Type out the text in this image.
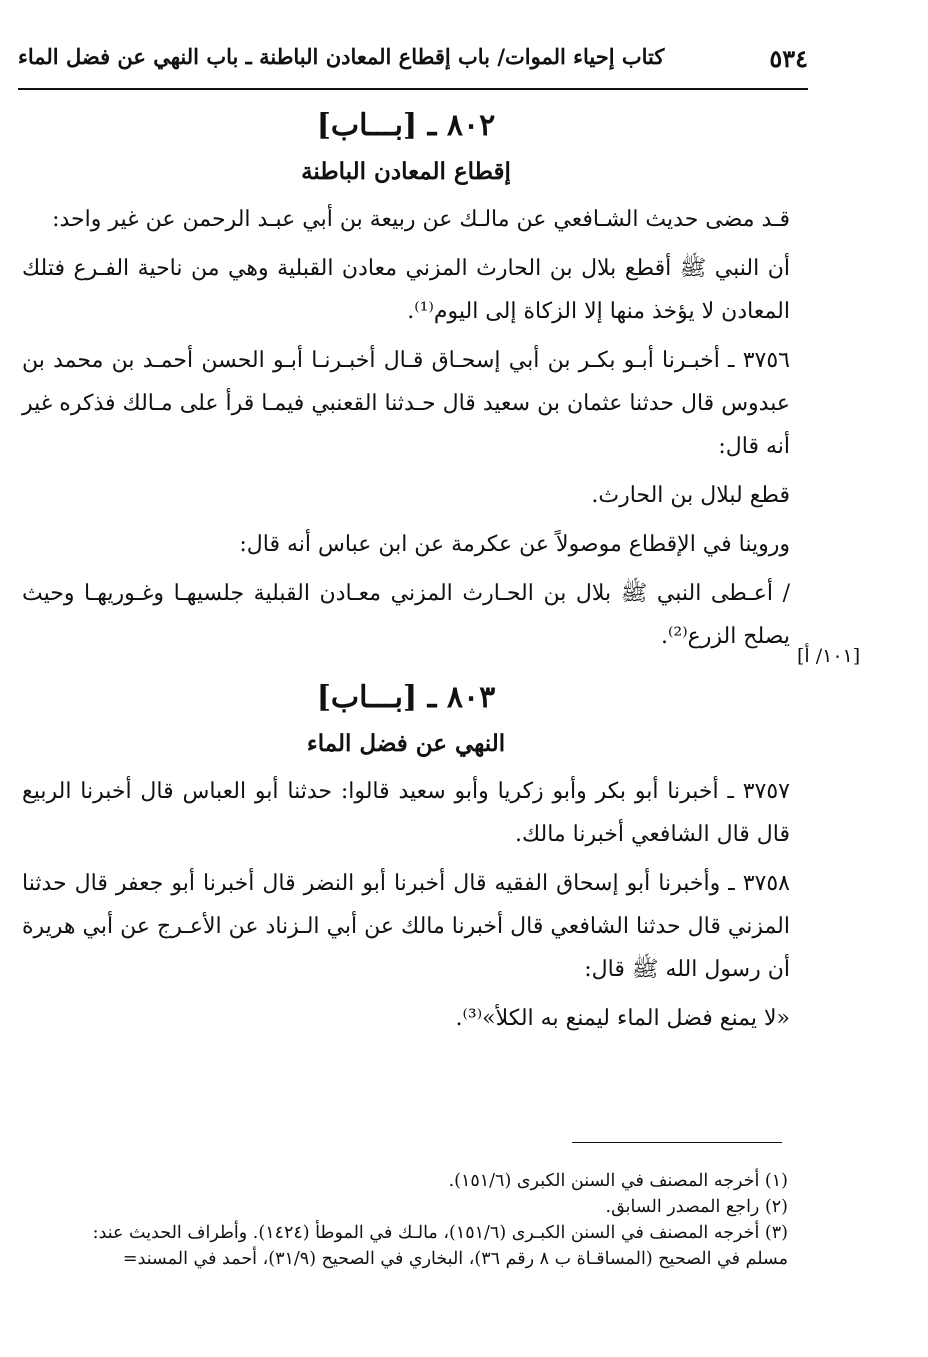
٥٣٤
كتاب إحياء الموات/ باب إقطاع المعادن الباطنة ـ باب النهي عن فضل الماء
٨٠٢ ـ [بـــاب]
إقطاع المعادن الباطنة

قـد مضى حديث الشـافعي عن مالـك عن ربيعة بن أبي عبـد الرحمن عن غير واحد:

أن النبي ﷺ أقطع بلال بن الحارث المزني معادن القبلية وهي من ناحية الفـرع فتلك المعادن لا يؤخذ منها إلا الزكاة إلى اليوم⁽¹⁾.

٣٧٥٦ ـ أخبـرنا أبـو بكـر بن أبي إسحـاق قـال أخبـرنـا أبـو الحسن أحمـد بن محمد بن عبدوس قال حدثنا عثمان بن سعيد قال حـدثنا القعنبي فيمـا قرأ على مـالك فذكره غير أنه قال:

قطع لبلال بن الحارث.

وروينا في الإقطاع موصولاً عن عكرمة عن ابن عباس أنه قال:

/ أعـطى النبي ﷺ بلال بن الحـارث المزني معـادن القبلية جلسيهـا وغـوريهـا وحيث يصلح الزرع⁽²⁾.

٨٠٣ ـ [بـــاب]
النهي عن فضل الماء

٣٧٥٧ ـ أخبرنا أبو بكر وأبو زكريا وأبو سعيد قالوا: حدثنا أبو العباس قال أخبرنا الربيع قال قال الشافعي أخبرنا مالك.

٣٧٥٨ ـ وأخبرنا أبو إسحاق الفقيه قال أخبرنا أبو النضر قال أخبرنا أبو جعفر قال حدثنا المزني قال حدثنا الشافعي قال أخبرنا مالك عن أبي الـزناد عن الأعـرج عن أبي هريرة أن رسول الله ﷺ قال:

«لا يمنع فضل الماء ليمنع به الكلأ»⁽³⁾.

[١٠١/ أ]
(١) أخرجه المصنف في السنن الكبرى (١٥١/٦).
(٢) راجع المصدر السابق.
(٣) أخرجه المصنف في السنن الكبـرى (١٥١/٦)، مالـك في الموطأ (١٤٢٤). وأطراف الحديث عند:
مسلم في الصحيح (المساقـاة ب ٨ رقم ٣٦)، البخاري في الصحيح (٣١/٩)، أحمد في المسند=
